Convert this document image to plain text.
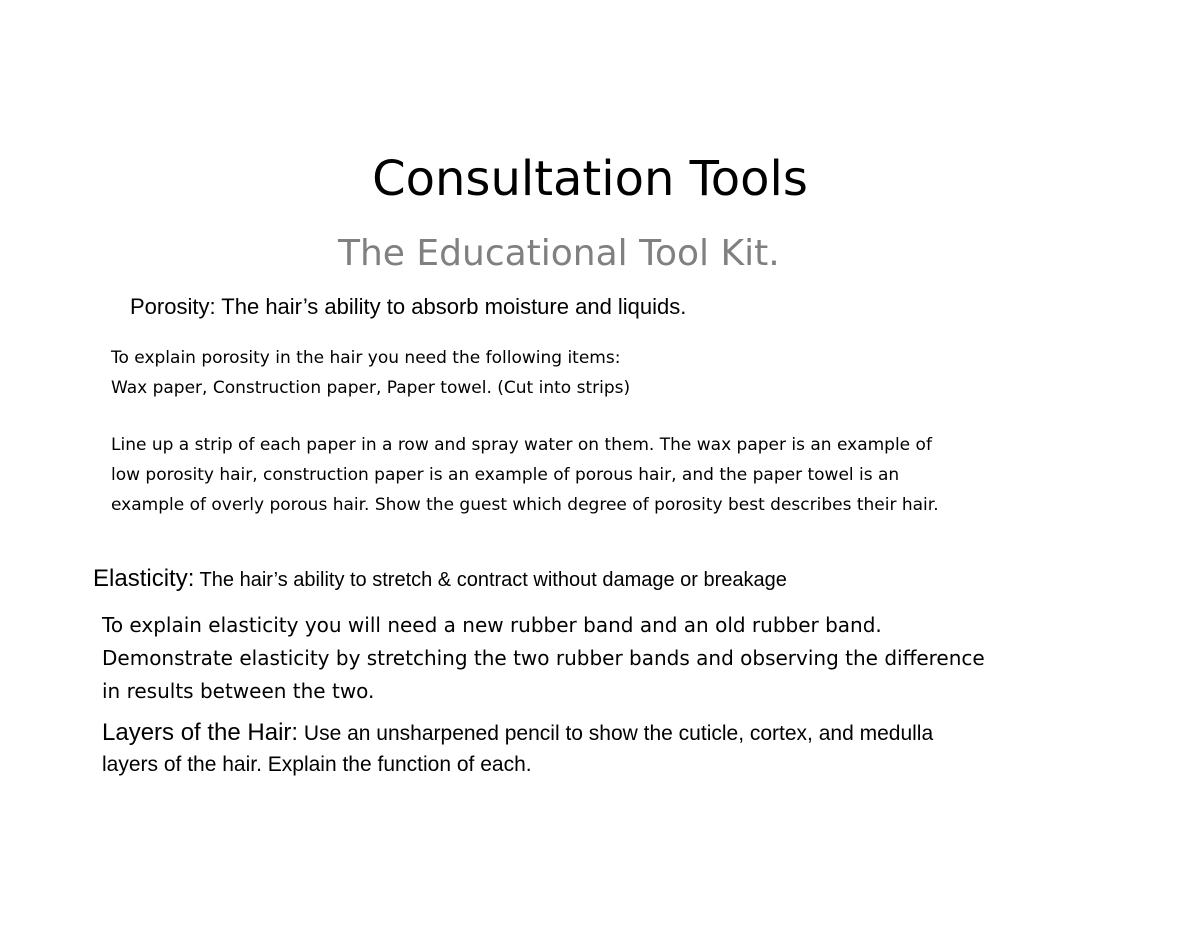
Consultation Tools
The Educational Tool Kit.
Porosity: The hair’s ability to absorb moisture and liquids.
To explain porosity in the hair you need the following items:
Wax paper, Construction paper, Paper towel. (Cut into strips)
Line up a strip of each paper in a row and spray water on them. The wax paper is an example of
low porosity hair, construction paper is an example of porous hair, and the paper towel is an
example of overly porous hair. Show the guest which degree of porosity best describes their hair.
Elasticity: The hair’s ability to stretch & contract without damage or breakage
To explain elasticity you will need a new rubber band and an old rubber band.
Demonstrate elasticity by stretching the two rubber bands and observing the difference
in results between the two.
Layers of the Hair: Use an unsharpened pencil to show the cuticle, cortex, and medulla
layers of the hair. Explain the function of each.
